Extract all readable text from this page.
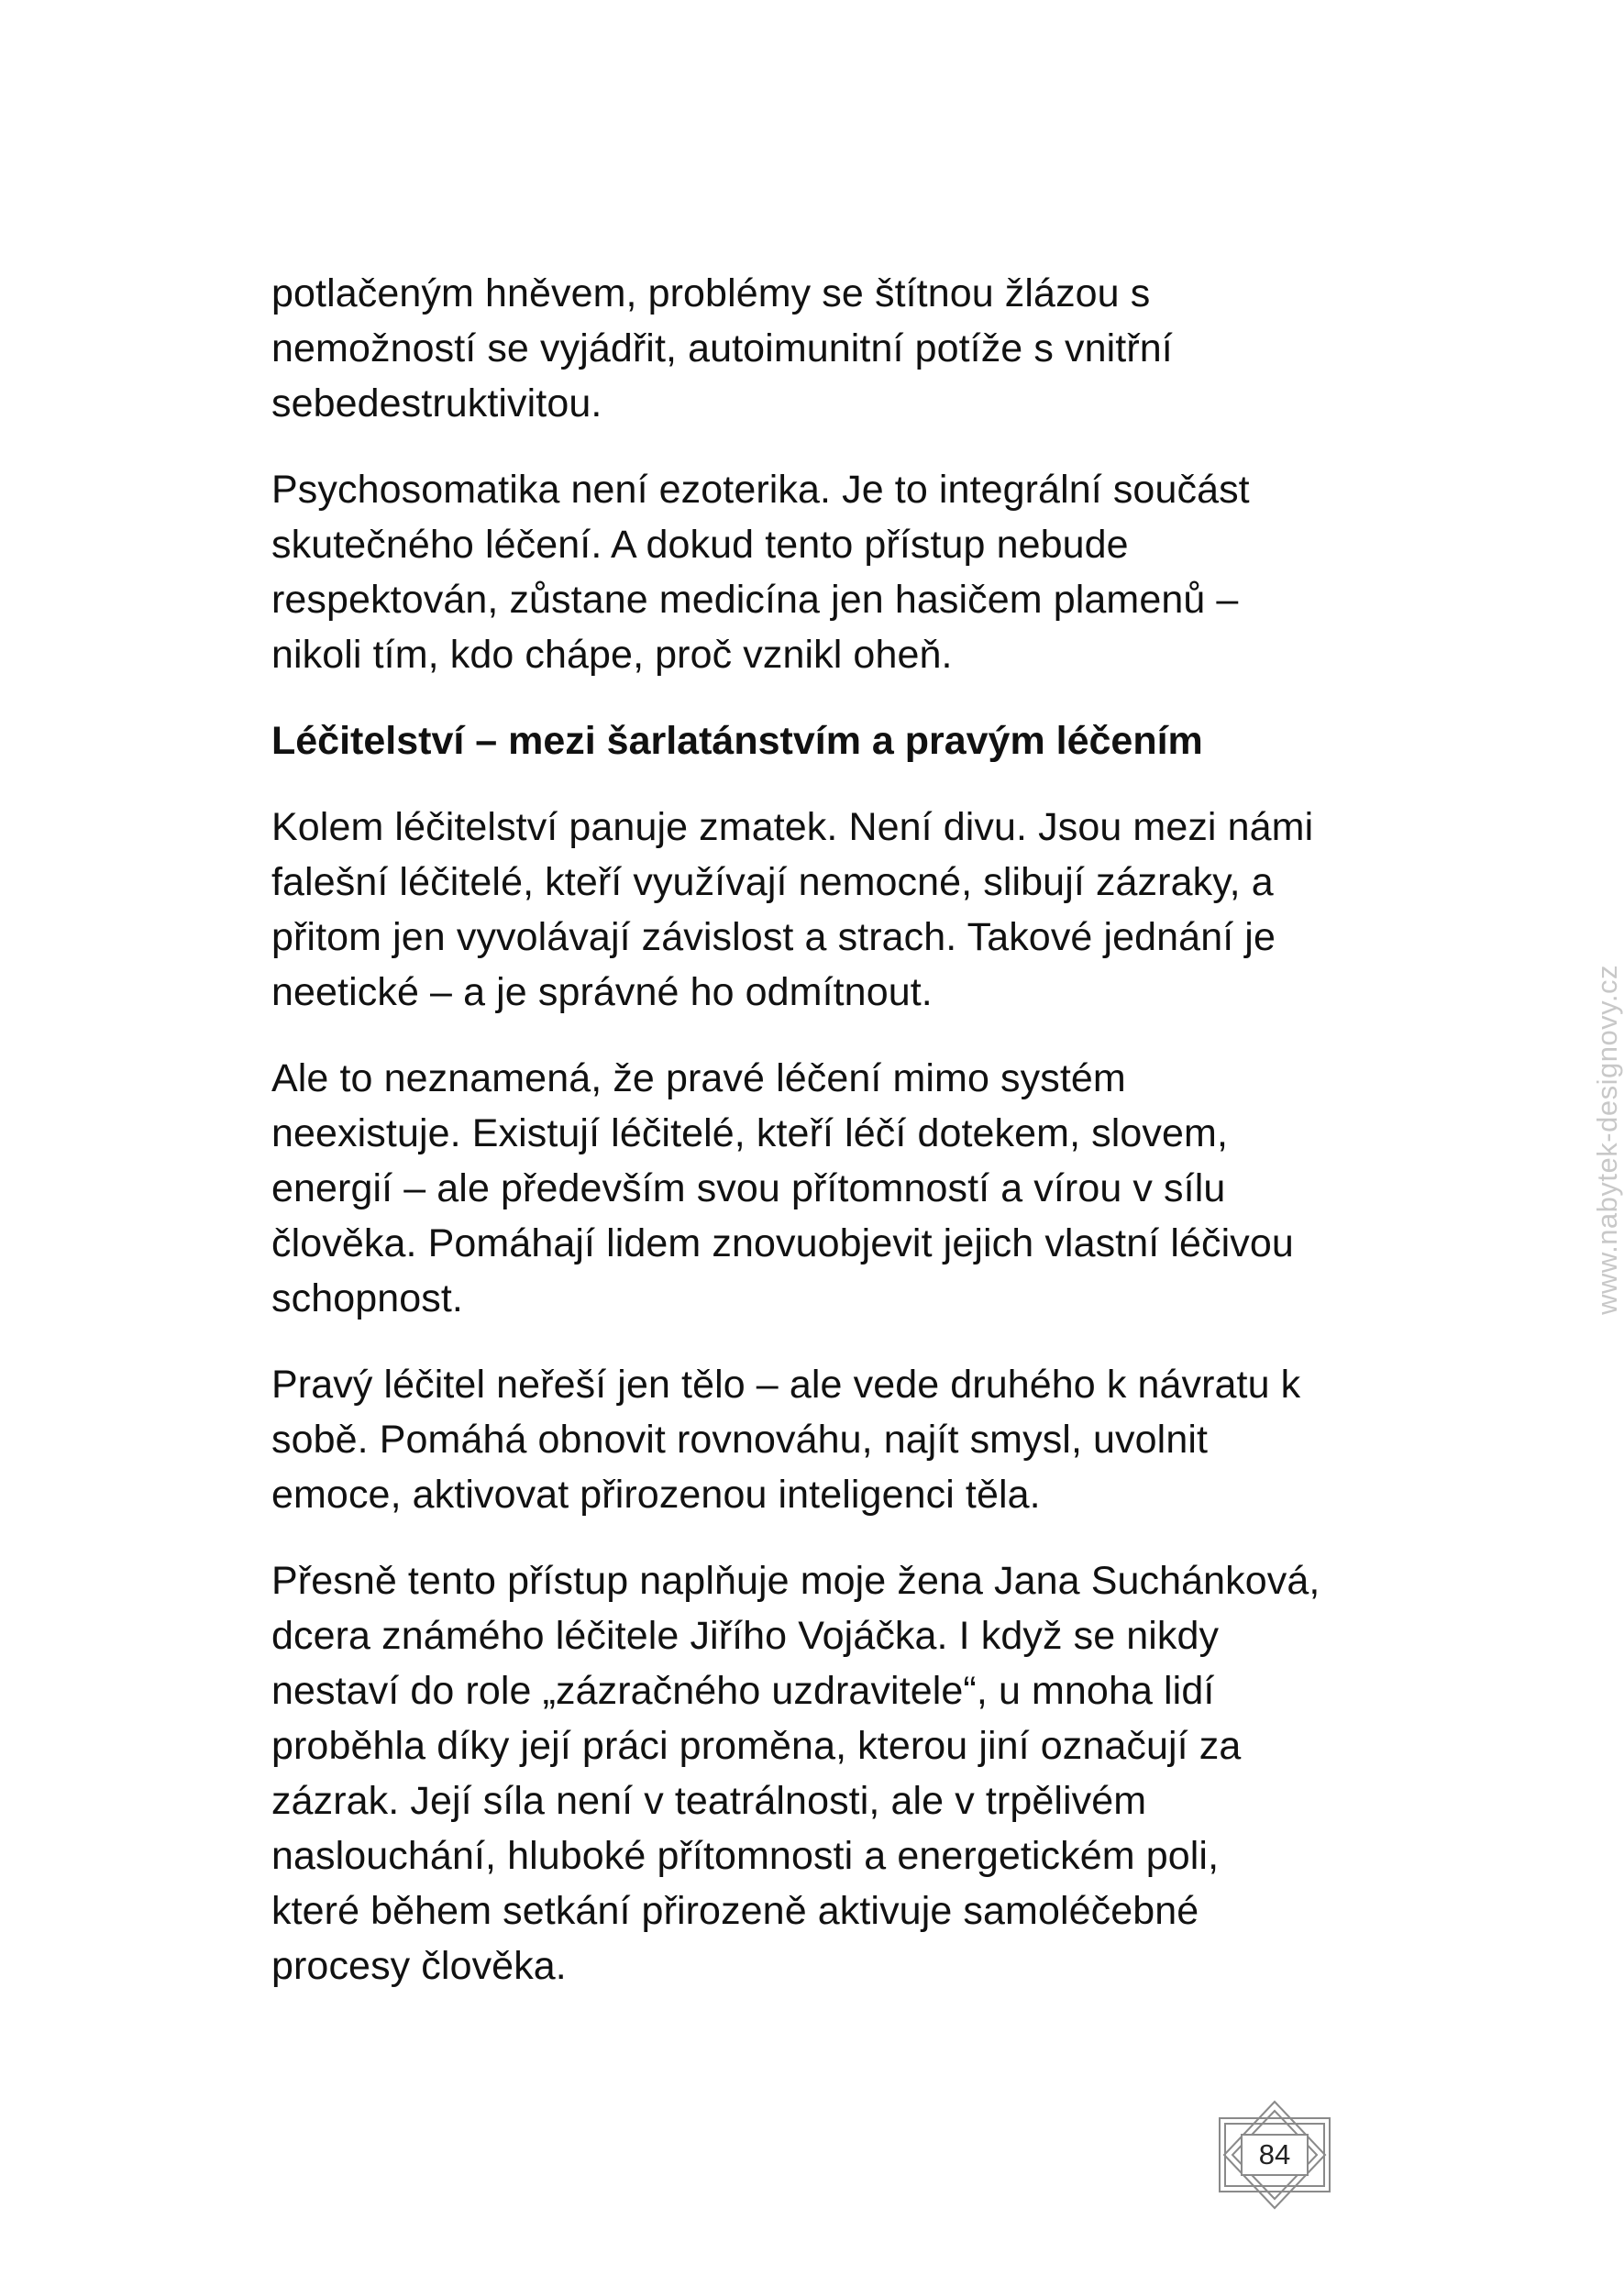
potlačeným hněvem, problémy se štítnou žlázou s
nemožností se vyjádřit, autoimunitní potíže s vnitřní
sebedestruktivitou.

Psychosomatika není ezoterika. Je to integrální součást
skutečného léčení. A dokud tento přístup nebude
respektován, zůstane medicína jen hasičem plamenů –
nikoli tím, kdo chápe, proč vznikl oheň.

Léčitelství – mezi šarlatánstvím a pravým léčením

Kolem léčitelství panuje zmatek. Není divu. Jsou mezi námi
falešní léčitelé, kteří využívají nemocné, slibují zázraky, a
přitom jen vyvolávají závislost a strach. Takové jednání je
neetické – a je správné ho odmítnout.

Ale to neznamená, že pravé léčení mimo systém
neexistuje. Existují léčitelé, kteří léčí dotekem, slovem,
energií – ale především svou přítomností a vírou v sílu
člověka. Pomáhají lidem znovuobjevit jejich vlastní léčivou
schopnost.

Pravý léčitel neřeší jen tělo – ale vede druhého k návratu k
sobě. Pomáhá obnovit rovnováhu, najít smysl, uvolnit
emoce, aktivovat přirozenou inteligenci těla.

Přesně tento přístup naplňuje moje žena Jana Suchánková,
dcera známého léčitele Jiřího Vojáčka. I když se nikdy
nestaví do role „zázračného uzdravitele“, u mnoha lidí
proběhla díky její práci proměna, kterou jiní označují za
zázrak. Její síla není v teatrálnosti, ale v trpělivém
naslouchání, hluboké přítomnosti a energetickém poli,
které během setkání přirozeně aktivuje samoléčebné
procesy člověka.

www.nabytek-designovy.cz
84
